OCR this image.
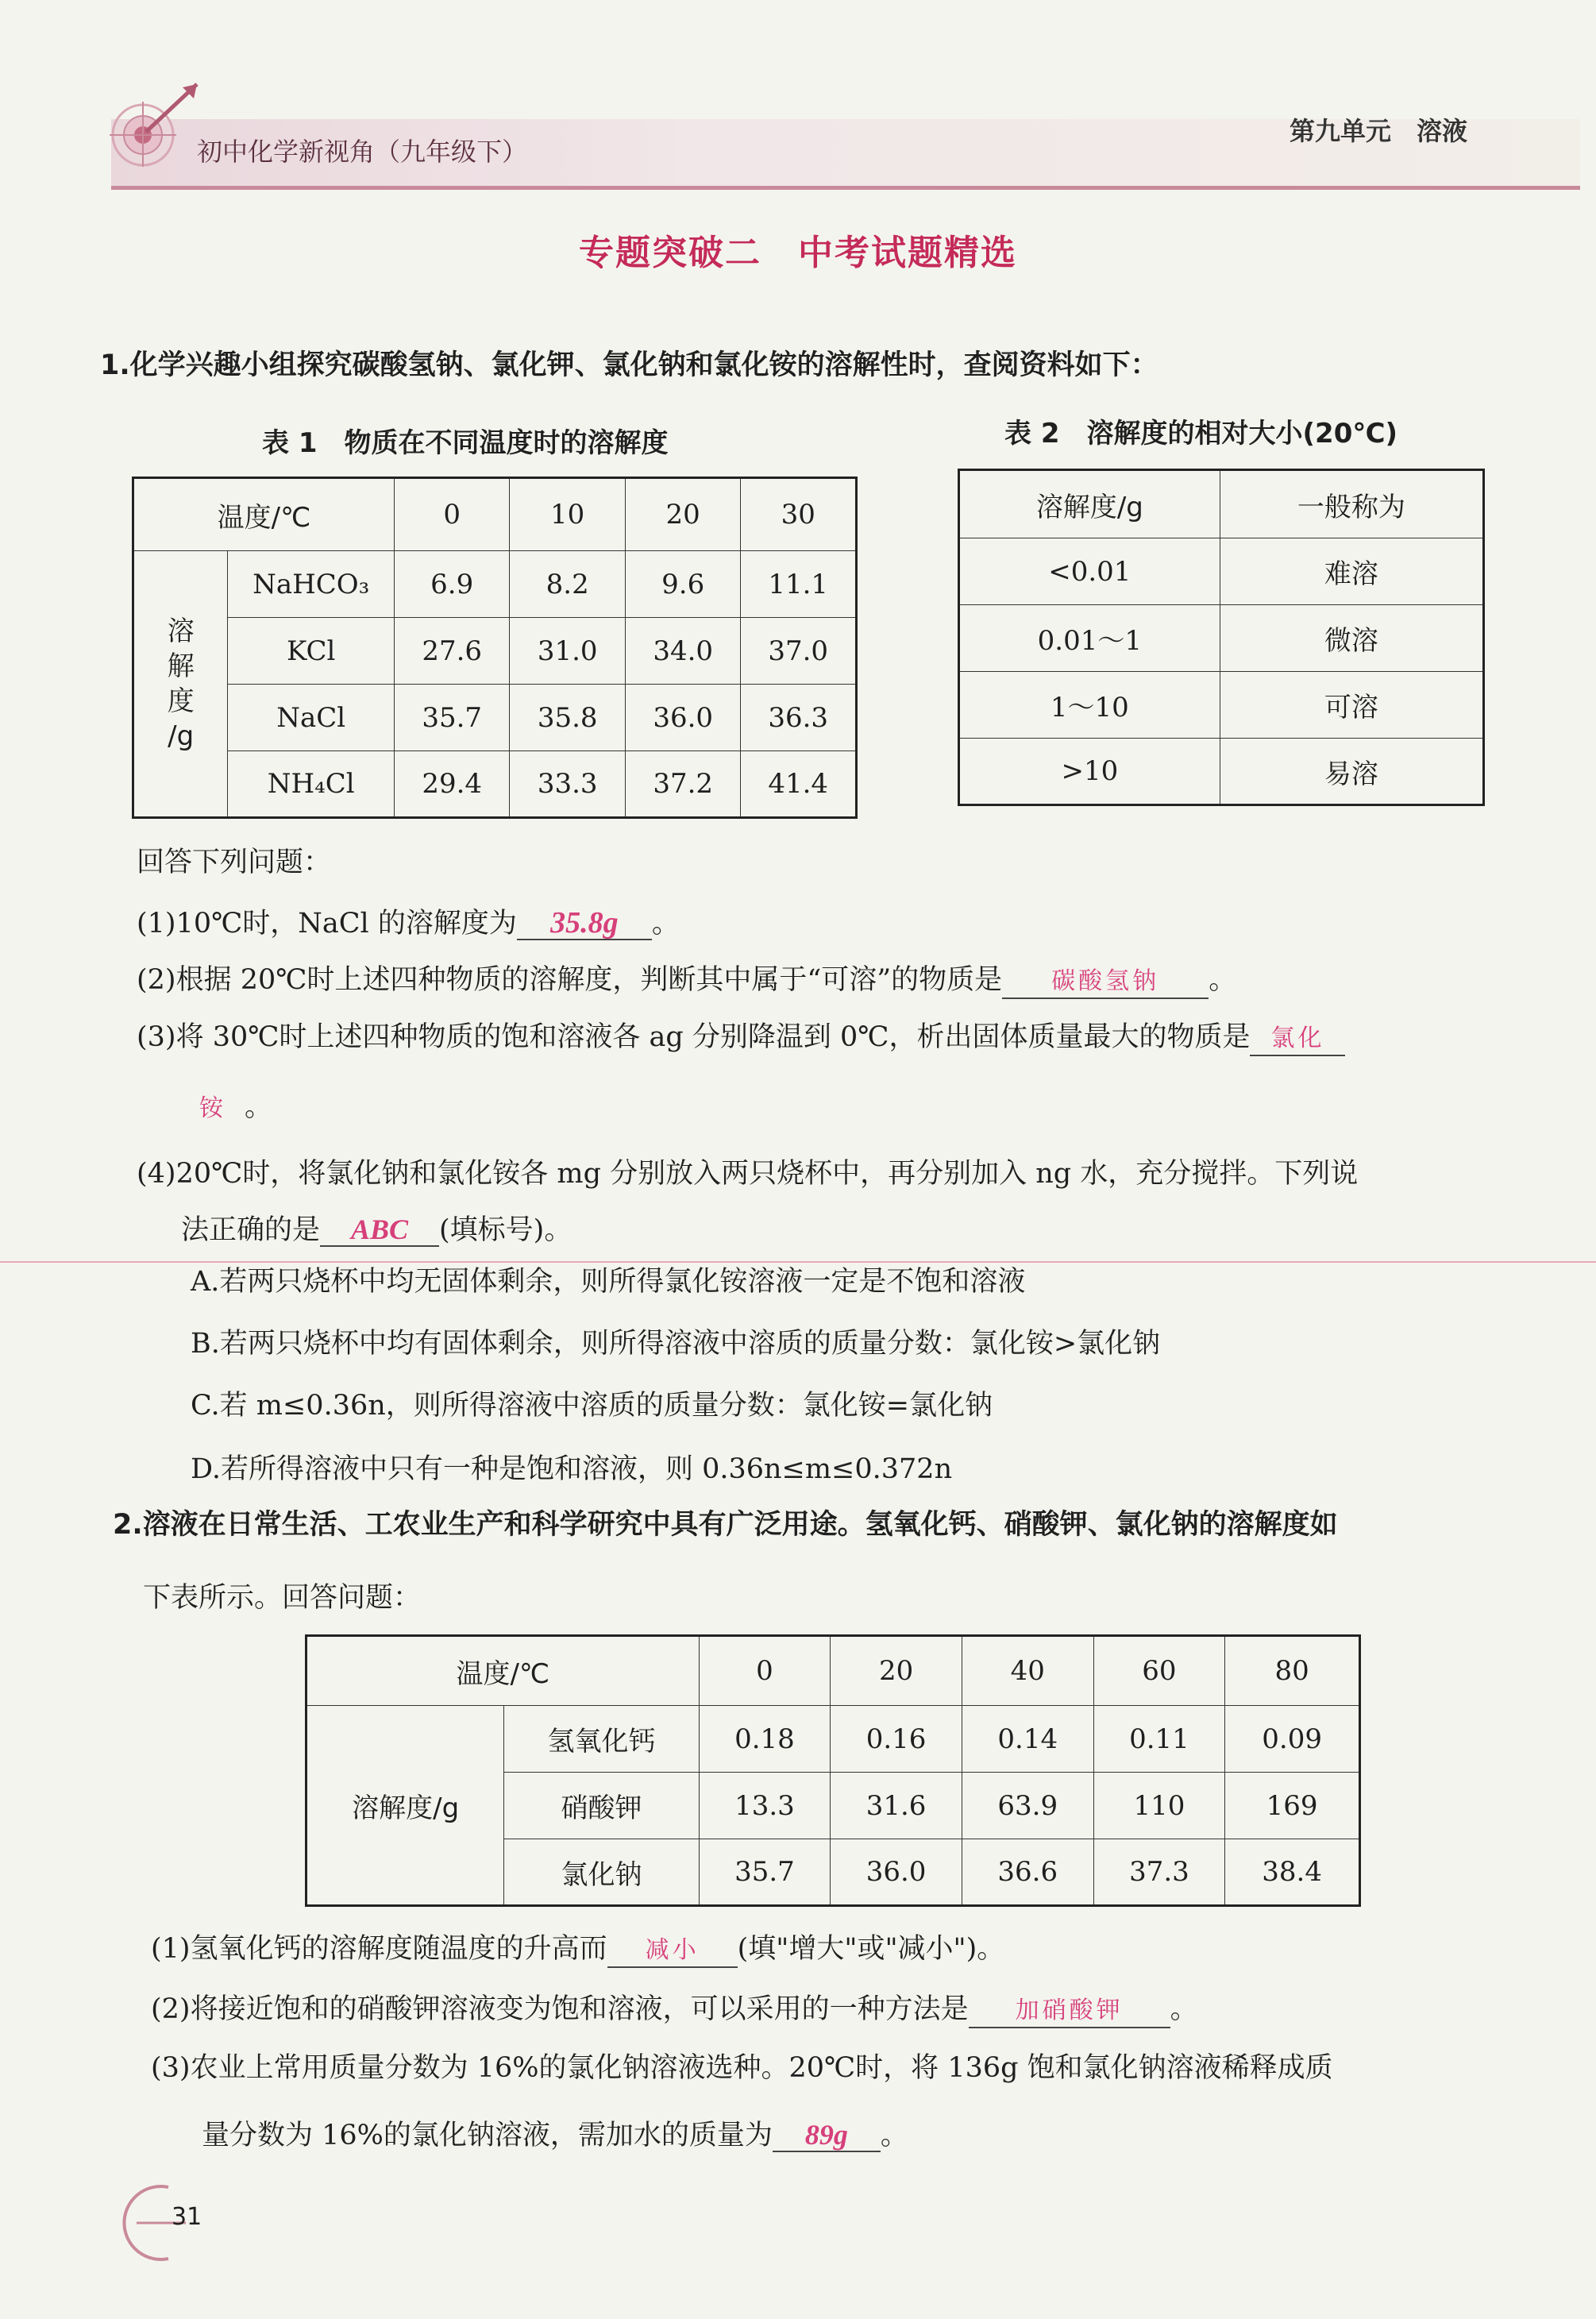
初中化学新视角（九年级下）
第九单元　溶液
专题突破二　中考试题精选
1.化学兴趣小组探究碳酸氢钠、氯化钾、氯化钠和氯化铵的溶解性时，查阅资料如下：
表 1　物质在不同温度时的溶解度	表 2　溶解度的相对大小(20℃)
温度/℃		0	10	20	30

溶
解
度
/g	NaHCO₃	6.9	8.2	9.6	11.1
	KCl	27.6	31.0	34.0	37.0
	NaCl	35.7	35.8	36.0	36.3
	NH₄Cl	29.4	33.3	37.2	41.4
溶解度/g	一般称为
<0.01	难溶
0.01～1	微溶
1～10	可溶
>10	易溶
回答下列问题：
(1)10℃时，NaCl 的溶解度为 35.8g 。
(2)根据 20℃时上述四种物质的溶解度，判断其中属于“可溶”的物质是 碳酸氢钠 。
(3)将 30℃时上述四种物质的饱和溶液各 ag 分别降温到 0℃，析出固体质量最大的物质是 氯化
铵 。
(4)20℃时，将氯化钠和氯化铵各 mg 分别放入两只烧杯中，再分别加入 ng 水，充分搅拌。下列说
法正确的是 ABC (填标号)。
A.若两只烧杯中均无固体剩余，则所得氯化铵溶液一定是不饱和溶液
B.若两只烧杯中均有固体剩余，则所得溶液中溶质的质量分数：氯化铵>氯化钠
C.若 m≤0.36n，则所得溶液中溶质的质量分数：氯化铵=氯化钠
D.若所得溶液中只有一种是饱和溶液，则 0.36n≤m≤0.372n
2.溶液在日常生活、工农业生产和科学研究中具有广泛用途。氢氧化钙、硝酸钾、氯化钠的溶解度如
下表所示。回答问题：
温度/℃		0	20	40	60	80
溶解度/g	氢氧化钙	0.18	0.16	0.14	0.11	0.09
	硝酸钾	13.3	31.6	63.9	110	169
	氯化钠	35.7	36.0	36.6	37.3	38.4
(1)氢氧化钙的溶解度随温度的升高而 减小 (填"增大"或"减小")。
(2)将接近饱和的硝酸钾溶液变为饱和溶液，可以采用的一种方法是 加硝酸钾 。
(3)农业上常用质量分数为 16%的氯化钠溶液选种。20℃时，将 136g 饱和氯化钠溶液稀释成质
量分数为 16%的氯化钠溶液，需加水的质量为 89g 。
31
